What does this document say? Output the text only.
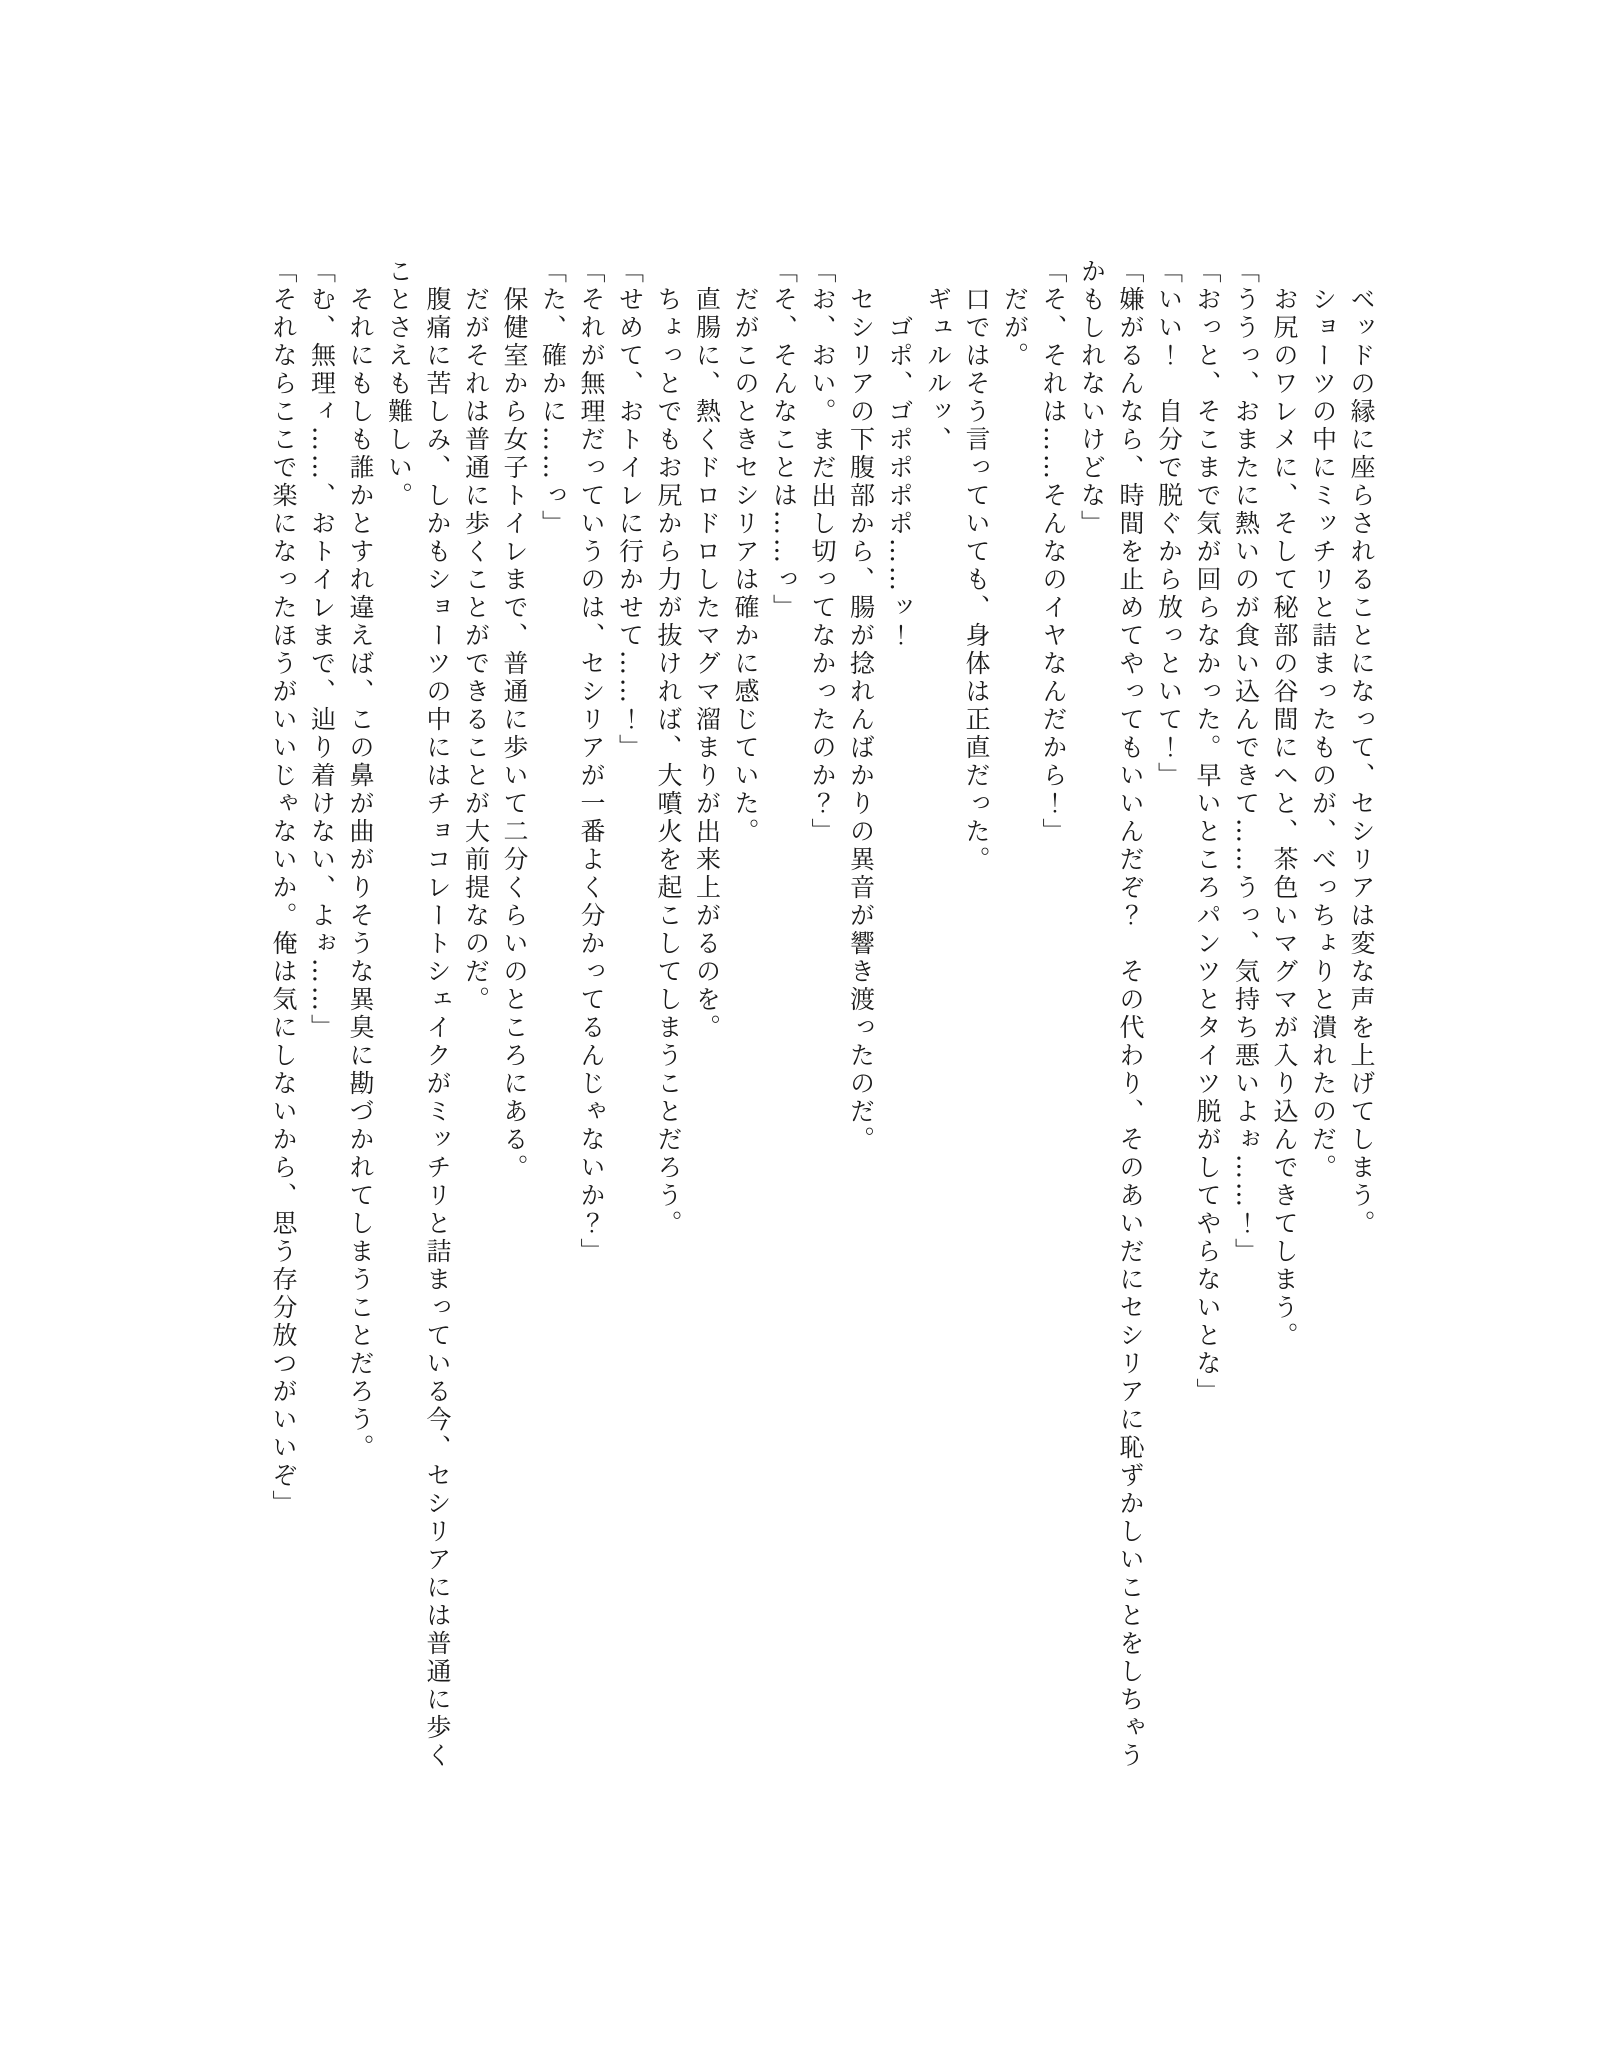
ベッドの縁に座らされることになって、セシリアは変な声を上げてしまう。

ショーツの中にミッチリと詰まったものが、べっちょりと潰れたのだ。

お尻のワレメに、そして秘部の谷間にへと、茶色いマグマが入り込んできてしまう。

「ううっ、おまたに熱いのが食い込んできて……うっ、気持ち悪いよぉ……！」

「おっと、そこまで気が回らなかった。早いところパンツとタイツ脱がしてやらないとな」

「いい！　自分で脱ぐから放っといて！」

「嫌がるんなら、時間を止めてやってもいいんだぞ？　その代わり、そのあいだにセシリアに恥ずかしいことをしちゃうかもしれないけどな」

「そ、それは……そんなのイヤなんだから！」

だが。

口ではそう言っていても、身体は正直だった。

ギュルルッ、

ゴポ、ゴポポポポ……ッ！

セシリアの下腹部から、腸が捻れんばかりの異音が響き渡ったのだ。

「お、おい。まだ出し切ってなかったのか？」

「そ、そんなことは……っ」

だがこのときセシリアは確かに感じていた。

直腸に、熱くドロドロしたマグマ溜まりが出来上がるのを。

ちょっとでもお尻から力が抜ければ、大噴火を起こしてしまうことだろう。

「せめて、おトイレに行かせて……！」

「それが無理だっていうのは、セシリアが一番よく分かってるんじゃないか？」

「た、確かに……っ」

保健室から女子トイレまで、普通に歩いて二分くらいのところにある。

だがそれは普通に歩くことができることが大前提なのだ。

腹痛に苦しみ、しかもショーツの中にはチョコレートシェイクがミッチリと詰まっている今、セシリアには普通に歩くことさえも難しい。

それにもしも誰かとすれ違えば、この鼻が曲がりそうな異臭に勘づかれてしまうことだろう。

「む、無理ィ……、おトイレまで、辿り着けない、よぉ……」

「それならここで楽になったほうがいいじゃないか。俺は気にしないから、思う存分放つがいいぞ」
